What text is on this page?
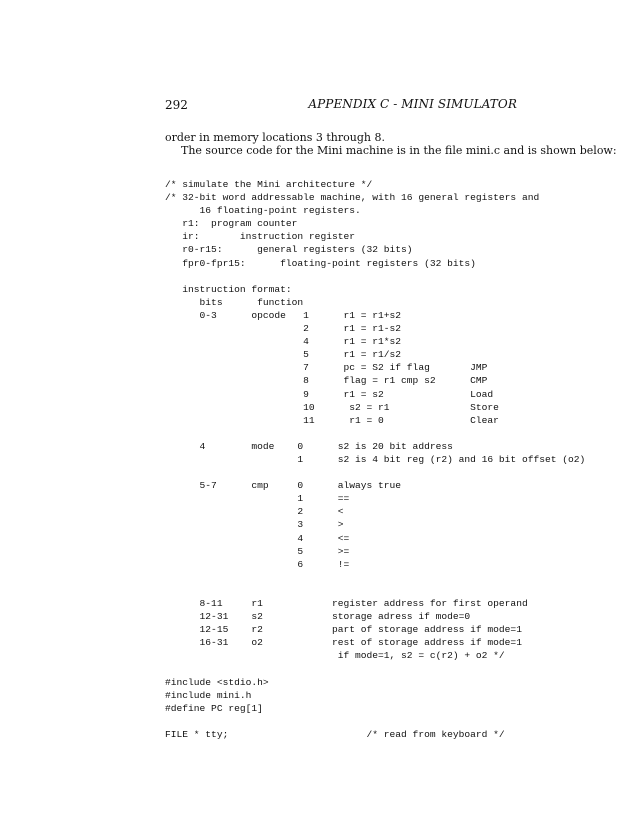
292	APPENDIX C - MINI SIMULATOR
order in memory locations 3 through 8.
The source code for the Mini machine is in the file mini.c and is shown below:
/* simulate the Mini architecture */
/* 32-bit word addressable machine, with 16 general registers and
16 floating-point registers.
r1:  program counter
ir:       instruction register
r0-r15:      general registers (32 bits)
fpr0-fpr15:      floating-point registers (32 bits)
instruction format:
bits      function
0-3      opcode   1      r1 = r1+s2
2      r1 = r1-s2
4      r1 = r1*s2
5      r1 = r1/s2
7      pc = S2 if flag       JMP
8      flag = r1 cmp s2      CMP
9      r1 = s2               Load
10      s2 = r1              Store
11      r1 = 0               Clear
4        mode    0      s2 is 20 bit address
1      s2 is 4 bit reg (r2) and 16 bit offset (o2)
5-7      cmp     0      always true
1      ==
2      <
3      >
4      <=
5      >=
6      !=
8-11     r1            register address for first operand
12-31    s2            storage adress if mode=0
12-15    r2            part of storage address if mode=1
16-31    o2            rest of storage address if mode=1
if mode=1, s2 = c(r2) + o2 */
#include <stdio.h>
#include mini.h
#define PC reg[1]
FILE * tty;                        /* read from keyboard */
